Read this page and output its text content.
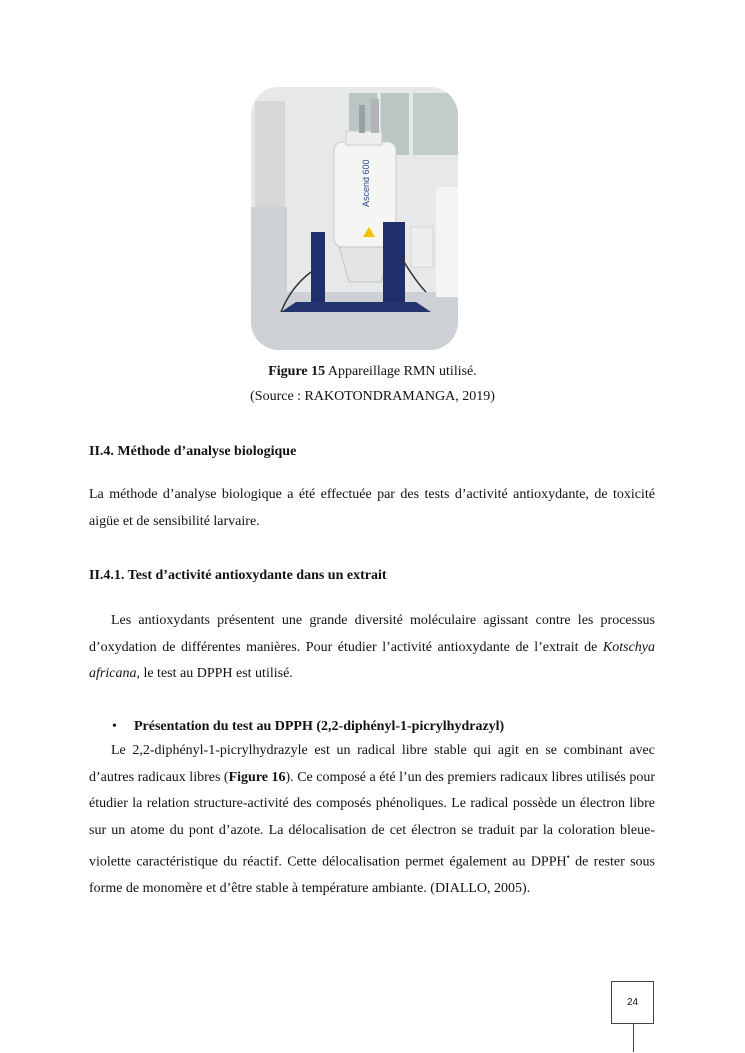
Ascend 600
Figure 15 Appareillage RMN utilisé.
(Source : RAKOTONDRAMANGA, 2019)
II.4. Méthode d’analyse biologique
La méthode d’analyse biologique a été effectuée par des tests d’activité antioxydante, de toxicité aigüe et de sensibilité larvaire.
II.4.1. Test d’activité antioxydante dans un extrait
Les antioxydants présentent une grande diversité moléculaire agissant contre les processus d’oxydation de différentes manières. Pour étudier l’activité antioxydante de l’extrait de Kotschya africana, le test au DPPH est utilisé.
• Présentation du test au DPPH (2,2-diphényl-1-picrylhydrazyl)
Le 2,2-diphényl-1-picrylhydrazyle est un radical libre stable qui agit en se combinant avec d’autres radicaux libres (Figure 16). Ce composé a été l’un des premiers radicaux libres utilisés pour étudier la relation structure-activité des composés phénoliques. Le radical possède un électron libre sur un atome du pont d’azote. La délocalisation de cet électron se traduit par la coloration bleue-violette caractéristique du réactif. Cette délocalisation permet également au DPPH• de rester sous forme de monomère et d’être stable à température ambiante. (DIALLO, 2005).
24
